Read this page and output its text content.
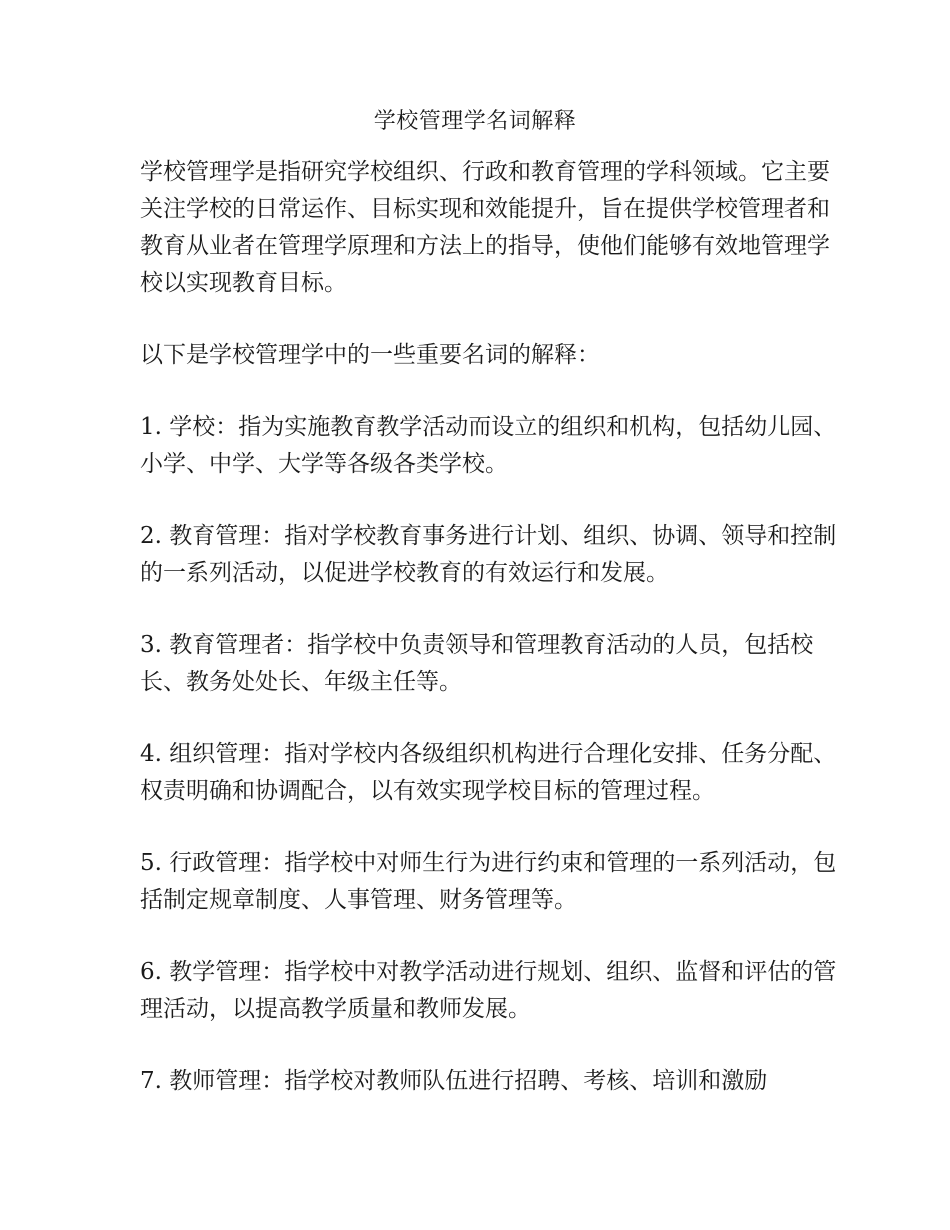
学校管理学名词解释

学校管理学是指研究学校组织、行政和教育管理的学科领域。它主要关注学校的日常运作、目标实现和效能提升，旨在提供学校管理者和教育从业者在管理学原理和方法上的指导，使他们能够有效地管理学校以实现教育目标。

以下是学校管理学中的一些重要名词的解释：

1. 学校：指为实施教育教学活动而设立的组织和机构，包括幼儿园、小学、中学、大学等各级各类学校。

2. 教育管理：指对学校教育事务进行计划、组织、协调、领导和控制的一系列活动，以促进学校教育的有效运行和发展。

3. 教育管理者：指学校中负责领导和管理教育活动的人员，包括校长、教务处处长、年级主任等。

4. 组织管理：指对学校内各级组织机构进行合理化安排、任务分配、权责明确和协调配合，以有效实现学校目标的管理过程。

5. 行政管理：指学校中对师生行为进行约束和管理的一系列活动，包括制定规章制度、人事管理、财务管理等。

6. 教学管理：指学校中对教学活动进行规划、组织、监督和评估的管理活动，以提高教学质量和教师发展。

7. 教师管理：指学校对教师队伍进行招聘、考核、培训和激励
